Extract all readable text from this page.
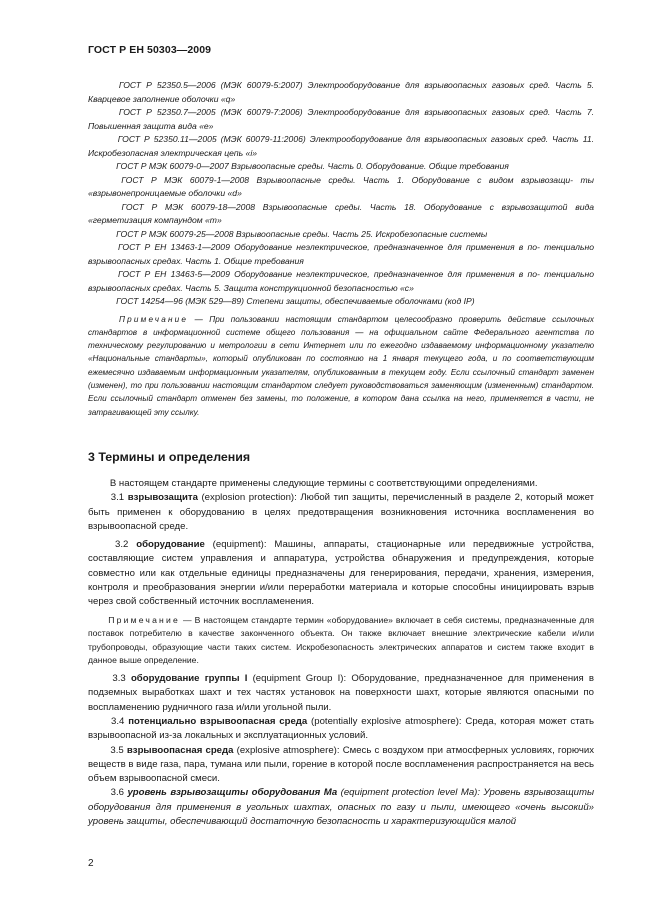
ГОСТ Р ЕН 50303—2009

    ГОСТ Р 52350.5—2006 (МЭК 60079-5:2007) Электрооборудование для взрывоопасных газовых сред. Часть 5. Кварцевое заполнение оболочки «q»

    ГОСТ Р 52350.7—2005 (МЭК 60079-7:2006) Электрооборудование для взрывоопасных газовых сред. Часть 7. Повышенная защита вида «е»

    ГОСТ Р 52350.11—2005 (МЭК 60079-11:2006) Электрооборудование для взрывоопасных газовых сред. Часть 11. Искробезопасная электрическая цепь «i»

    ГОСТ Р МЭК 60079-0—2007 Взрывоопасные среды. Часть 0. Оборудование. Общие требования

    ГОСТ Р МЭК 60079-1—2008 Взрывоопасные среды. Часть 1. Оборудование с видом взрывозащи- ты «взрывонепроницаемые оболочки «d»

    ГОСТ Р МЭК 60079-18—2008 Взрывоопасные среды. Часть 18. Оборудование с взрывозащитой вида «герметизация компаундом «m»

    ГОСТ Р МЭК 60079-25—2008 Взрывоопасные среды. Часть 25. Искробезопасные системы

    ГОСТ Р ЕН 13463-1—2009 Оборудование неэлектрическое, предназначенное для применения в по- тенциально взрывоопасных средах. Часть 1. Общие требования

    ГОСТ Р ЕН 13463-5—2009 Оборудование неэлектрическое, предназначенное для применения в по- тенциально взрывоопасных средах. Часть 5. Защита конструкционной безопасностью «с»

    ГОСТ 14254—96 (МЭК 529—89) Степени защиты, обеспечиваемые оболочками (код IP)

    Примечание — При пользовании настоящим стандартом целесообразно проверить действие ссылочных стандартов в информационной системе общего пользования — на официальном сайте Федерального агентства по техническому регулированию и метрологии в сети Интернет или по ежегодно издаваемому информационному указателю «Национальные стандарты», который опубликован по состоянию на 1 января текущего года, и по соответствующим ежемесячно издаваемым информационным указателям, опубликованным в текущем году. Если ссылочный стандарт заменен (изменен), то при пользовании настоящим стандартом следует руководствоваться заменяющим (измененным) стандартом. Если ссылочный стандарт отменен без замены, то положение, в котором дана ссылка на него, применяется в части, не затрагивающей эту ссылку.

3 Термины и определения

   В настоящем стандарте применены следующие термины с соответствующими определениями.

   3.1 взрывозащита (explosion protection): Любой тип защиты, перечисленный в разделе 2, который может быть применен к оборудованию в целях предотвращения возникновения источника воспламенения во взрывоопасной среде.

   3.2 оборудование (equipment): Машины, аппараты, стационарные или передвижные устройства, составляющие систем управления и аппаратура, устройства обнаружения и предупреждения, которые совместно или как отдельные единицы предназначены для генерирования, передачи, хранения, измерения, контроля и преобразования энергии и/или переработки материала и которые способны инициировать взрыв через свой собственный источник воспламенения.

   Примечание — В настоящем стандарте термин «оборудование» включает в себя системы, предназначенные для поставок потребителю в качестве законченного объекта. Он также включает внешние электрические кабели и/или трубопроводы, образующие части таких систем. Искробезопасность электрических аппаратов и систем также входит в данное выше определение.

   3.3 оборудование группы I (equipment Group I): Оборудование, предназначенное для применения в подземных выработках шахт и тех частях установок на поверхности шахт, которые являются опасными по воспламенению рудничного газа и/или угольной пыли.

   3.4 потенциально взрывоопасная среда (potentially explosive atmosphere): Среда, которая может стать взрывоопасной из-за локальных и эксплуатационных условий.

   3.5 взрывоопасная среда (explosive atmosphere): Смесь с воздухом при атмосферных условиях, горючих веществ в виде газа, пара, тумана или пыли, горение в которой после воспламенения распространяется на весь объем взрывоопасной смеси.

   3.6 уровень взрывозащиты оборудования Ма (equipment protection level Ma): Уровень взрывозащиты оборудования для применения в угольных шахтах, опасных по газу и пыли, имеющего «очень высокий» уровень защиты, обеспечивающий достаточную безопасность и характеризующийся малой

2
